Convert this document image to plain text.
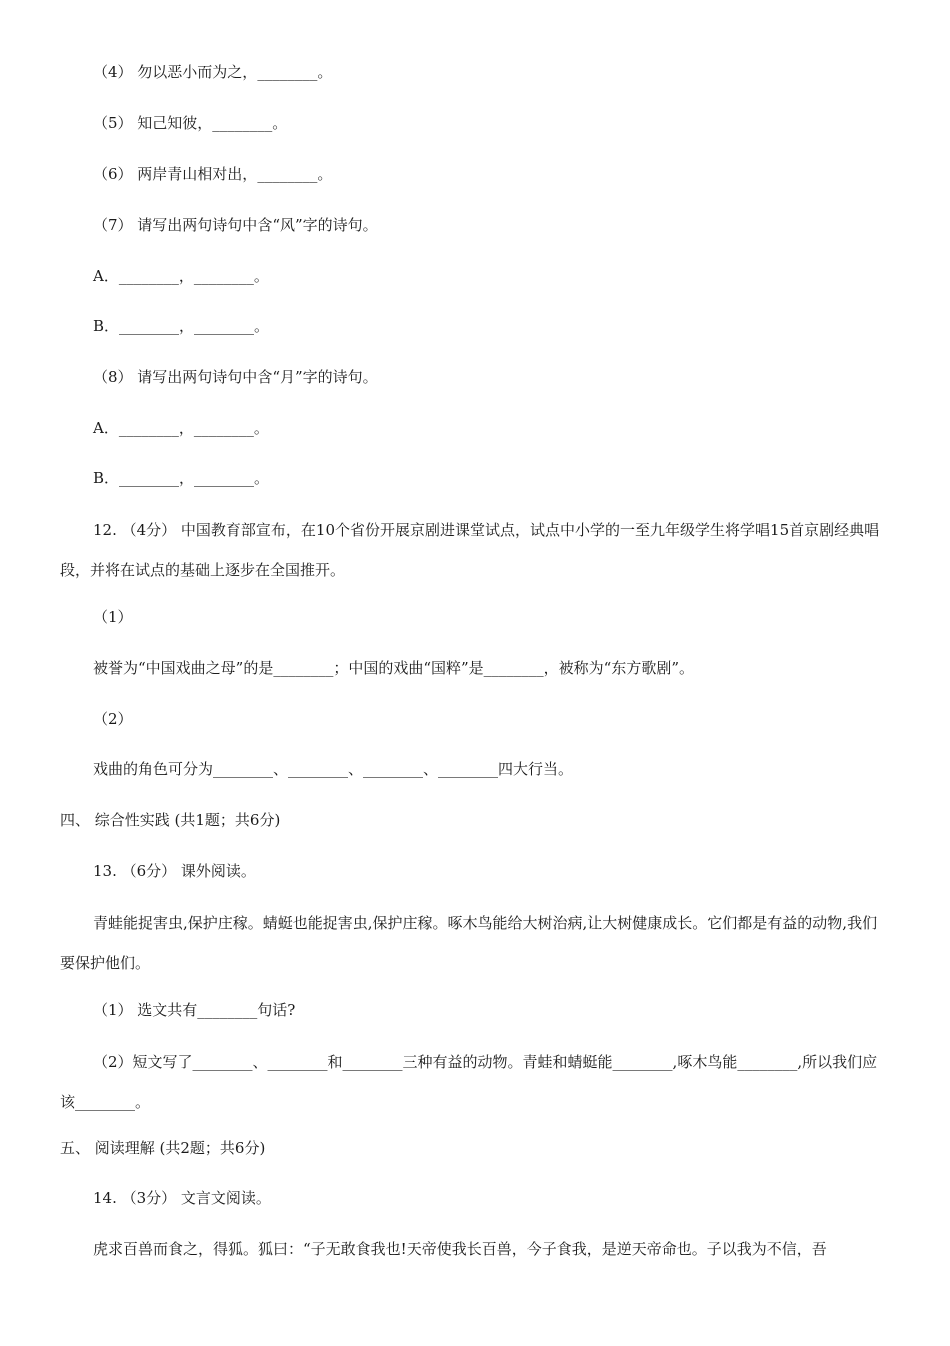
（4） 勿以恶小而为之，________。
（5） 知己知彼，________。
（6） 两岸青山相对出，________。
（7） 请写出两句诗句中含“风”字的诗句。
A．________，________。
B．________，________。
（8） 请写出两句诗句中含“月”字的诗句。
A．________，________。
B．________，________。
12. （4分） 中国教育部宣布，在10个省份开展京剧进课堂试点，试点中小学的一至九年级学生将学唱15首京剧经典唱段，并将在试点的基础上逐步在全国推开。
（1）
被誉为“中国戏曲之母”的是________；中国的戏曲“国粹”是________，被称为“东方歌剧”。
（2）
戏曲的角色可分为________、________、________、________四大行当。
四、 综合性实践 (共1题；共6分)
13. （6分） 课外阅读。
青蛙能捉害虫,保护庄稼。蜻蜓也能捉害虫,保护庄稼。啄木鸟能给大树治病,让大树健康成长。它们都是有益的动物,我们要保护他们。
（1） 选文共有________句话?
（2）短文写了________、________和________三种有益的动物。青蛙和蜻蜓能________,啄木鸟能________,所以我们应该________。
五、 阅读理解 (共2题；共6分)
14. （3分） 文言文阅读。
虎求百兽而食之，得狐。狐曰：“子无敢食我也!天帝使我长百兽，今子食我，是逆天帝命也。子以我为不信，吾
